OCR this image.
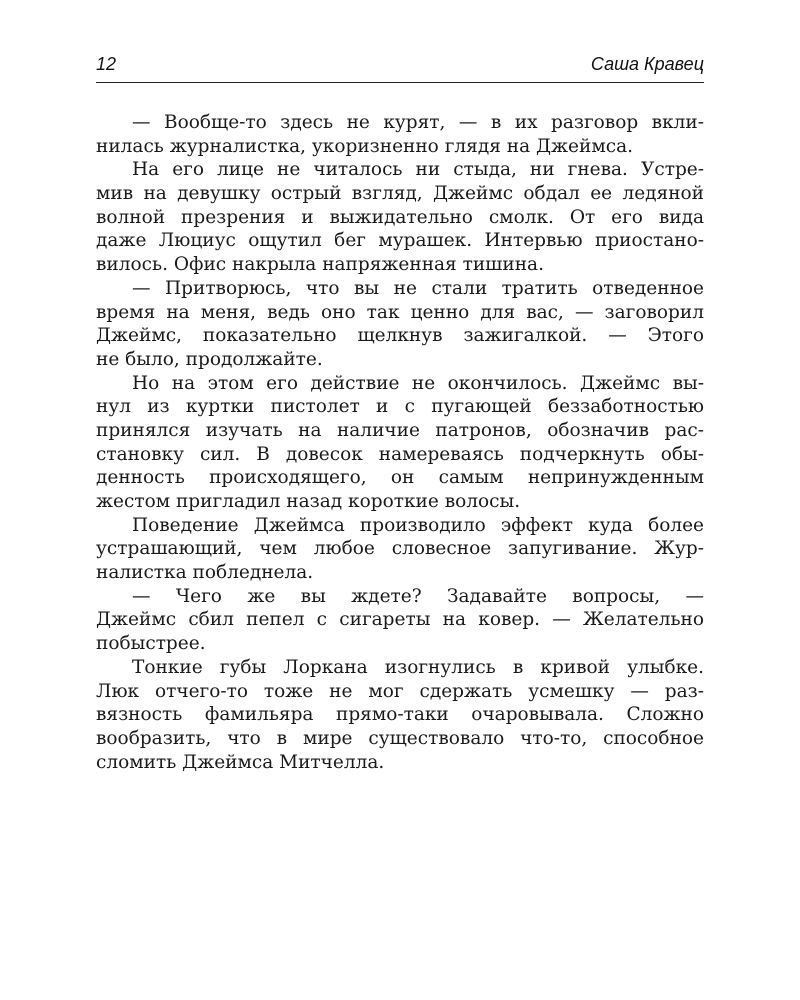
12	Саша Кравец
— Вообще-то здесь не курят, — в их разговор вкли-
нилась журналистка, укоризненно глядя на Джеймса.
На его лице не читалось ни стыда, ни гнева. Устре-
мив на девушку острый взгляд, Джеймс обдал ее ледяной
волной презрения и выжидательно смолк. От его вида
даже Люциус ощутил бег мурашек. Интервью приостано-
вилось. Офис накрыла напряженная тишина.
— Притворюсь, что вы не стали тратить отведенное
время на меня, ведь оно так ценно для вас, — заговорил
Джеймс, показательно щелкнув зажигалкой. — Этого
не было, продолжайте.
Но на этом его действие не окончилось. Джеймс вы-
нул из куртки пистолет и с пугающей беззаботностью
принялся изучать на наличие патронов, обозначив рас-
становку сил. В довесок намереваясь подчеркнуть обы-
денность происходящего, он самым непринужденным
жестом пригладил назад короткие волосы.
Поведение Джеймса производило эффект куда более
устрашающий, чем любое словесное запугивание. Жур-
налистка побледнела.
— Чего же вы ждете? Задавайте вопросы, —
Джеймс сбил пепел с сигареты на ковер. — Желательно
побыстрее.
Тонкие губы Лоркана изогнулись в кривой улыбке.
Люк отчего-то тоже не мог сдержать усмешку — раз-
вязность фамильяра прямо-таки очаровывала. Сложно
вообразить, что в мире существовало что-то, способное
сломить Джеймса Митчелла.
